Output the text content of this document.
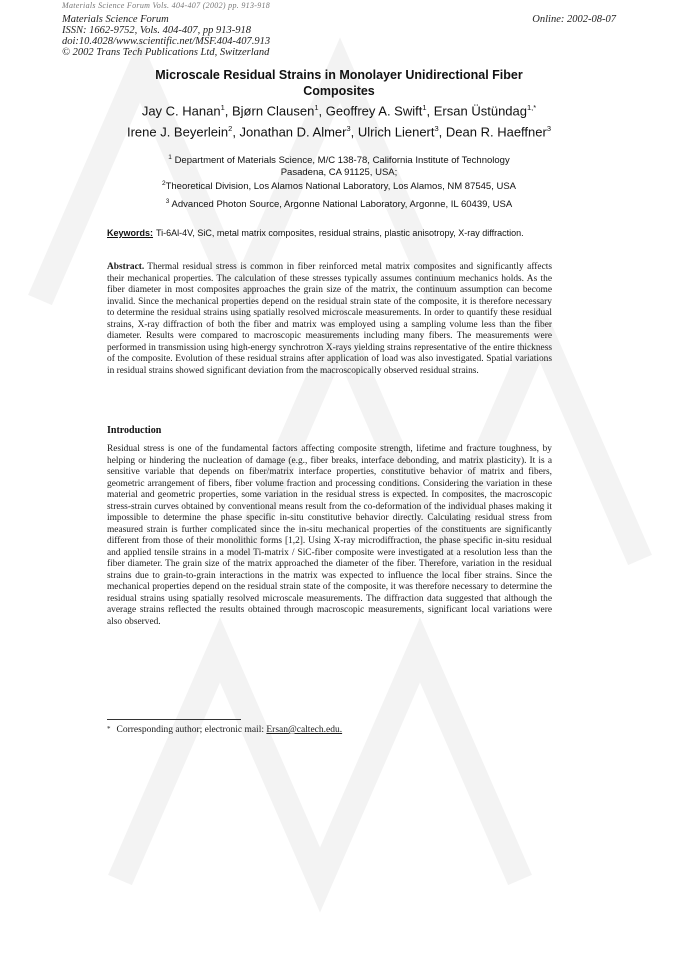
Materials Science Forum Vols. 404-407 (2002) pp. 913-918
Materials Science Forum
ISSN: 1662-9752, Vols. 404-407, pp 913-918
doi:10.4028/www.scientific.net/MSF.404-407.913
© 2002 Trans Tech Publications Ltd, Switzerland
Online: 2002-08-07
Microscale Residual Strains in Monolayer Unidirectional Fiber
Composites
Jay C. Hanan$^1$, Bjørn Clausen$^1$, Geoffrey A. Swift$^1$, Ersan Üstündag$^{1,*}$
Irene J. Beyerlein$^2$, Jonathan D. Almer$^3$, Ulrich Lienert$^3$, Dean R. Haeffner$^3$
$^1$ Department of Materials Science, M/C 138-78, California Institute of Technology
Pasadena, CA 91125, USA;
$^2$Theoretical Division, Los Alamos National Laboratory, Los Alamos, NM 87545, USA
$^3$ Advanced Photon Source, Argonne National Laboratory, Argonne, IL 60439, USA
Keywords: Ti-6Al-4V, SiC, metal matrix composites, residual strains, plastic anisotropy, X-ray diffraction.
Abstract. Thermal residual stress is common in fiber reinforced metal matrix composites and significantly affects their mechanical properties. The calculation of these stresses typically assumes continuum mechanics holds. As the fiber diameter in most composites approaches the grain size of the matrix, the continuum assumption can become invalid. Since the mechanical properties depend on the residual strain state of the composite, it is therefore necessary to determine the residual strains using spatially resolved microscale measurements. In order to quantify these residual strains, X-ray diffraction of both the fiber and matrix was employed using a sampling volume less than the fiber diameter. Results were compared to macroscopic measurements including many fibers. The measurements were performed in transmission using high-energy synchrotron X-rays yielding strains representative of the entire thickness of the composite. Evolution of these residual strains after application of load was also investigated. Spatial variations in residual strains showed significant deviation from the macroscopically observed residual strains.
Introduction
Residual stress is one of the fundamental factors affecting composite strength, lifetime and fracture toughness, by helping or hindering the nucleation of damage (e.g., fiber breaks, interface debonding, and matrix plasticity). It is a sensitive variable that depends on fiber/matrix interface properties, constitutive behavior of matrix and fibers, geometric arrangement of fibers, fiber volume fraction and processing conditions. Considering the variation in these material and geometric properties, some variation in the residual stress is expected. In composites, the macroscopic stress-strain curves obtained by conventional means result from the co-deformation of the individual phases making it impossible to determine the phase specific in-situ constitutive behavior directly. Calculating residual stress from measured strain is further complicated since the in-situ mechanical properties of the constituents are significantly different from those of their monolithic forms [1,2]. Using X-ray microdiffraction, the phase specific in-situ residual and applied tensile strains in a model Ti-matrix / SiC-fiber composite were investigated at a resolution less than the fiber diameter. The grain size of the matrix approached the diameter of the fiber. Therefore, variation in the residual strains due to grain-to-grain interactions in the matrix was expected to influence the local fiber strains. Since the mechanical properties depend on the residual strain state of the composite, it was therefore necessary to determine the residual strains using spatially resolved microscale measurements. The diffraction data suggested that although the average strains reflected the results obtained through macroscopic measurements, significant local variations were also observed.
* Corresponding author; electronic mail: Ersan@caltech.edu.
